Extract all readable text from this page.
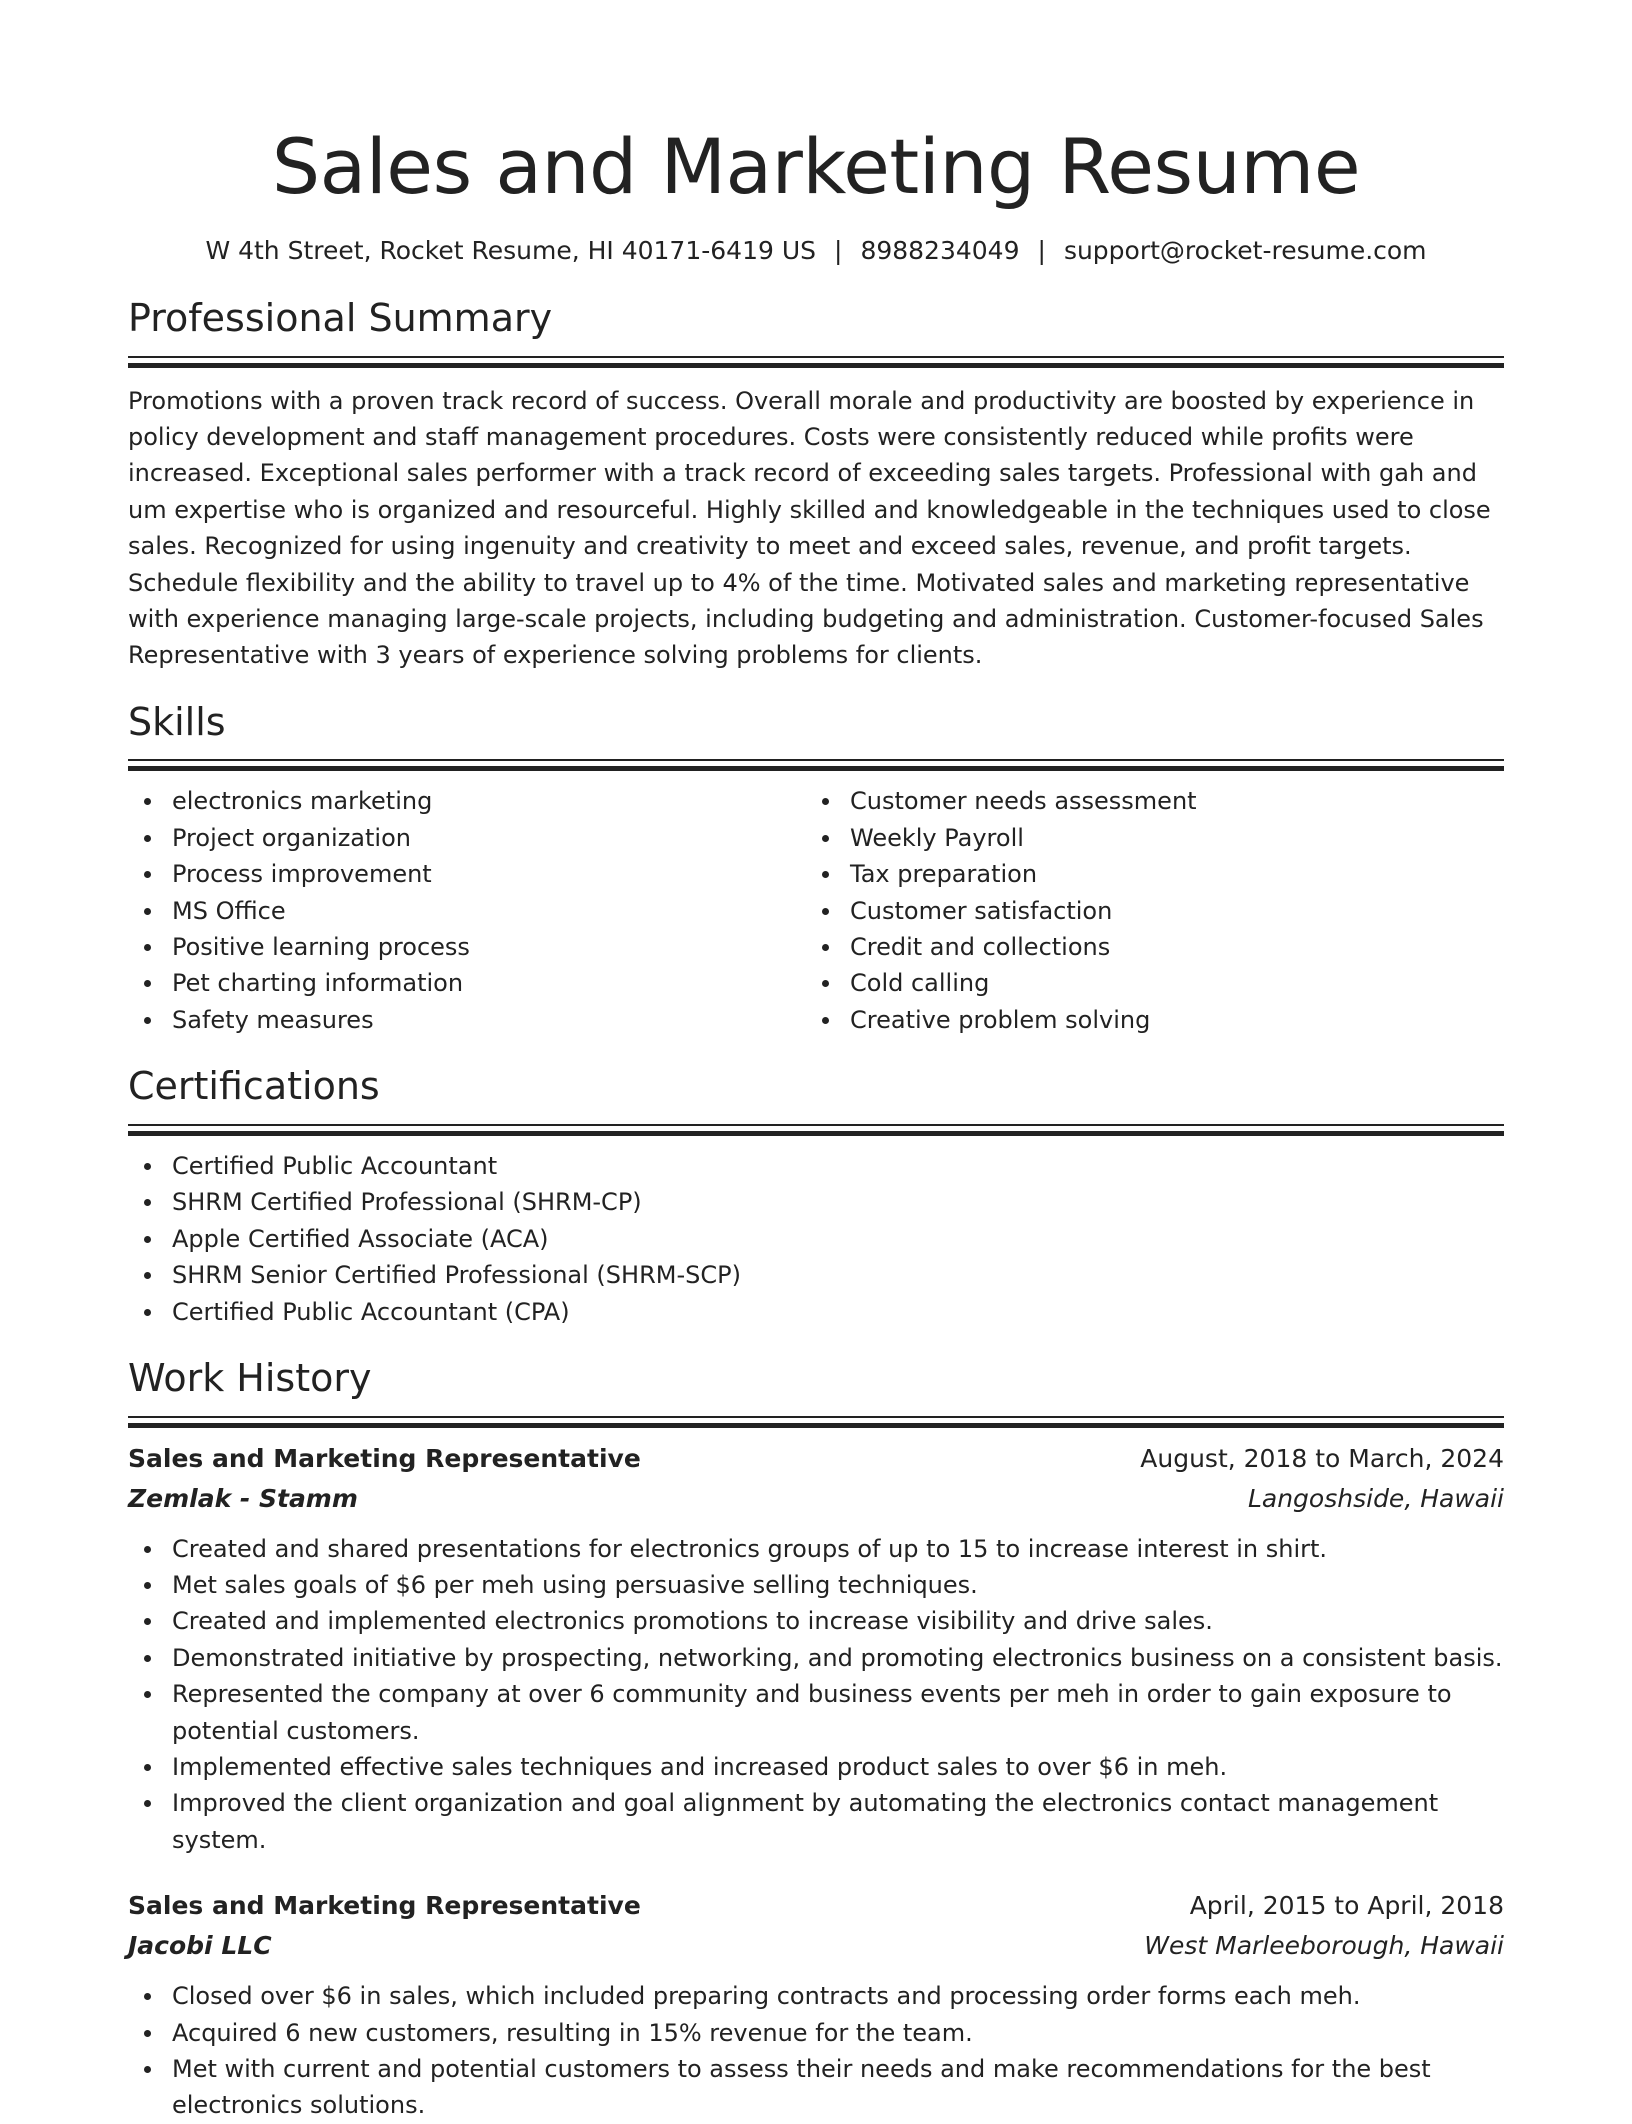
Sales and Marketing Resume
W 4th Street, Rocket Resume, HI 40171-6419 US | 8988234049 | support@rocket-resume.com
Professional Summary

Promotions with a proven track record of success. Overall morale and productivity are boosted by experience in policy development and staff management procedures. Costs were consistently reduced while profits were increased. Exceptional sales performer with a track record of exceeding sales targets. Professional with gah and um expertise who is organized and resourceful. Highly skilled and knowledgeable in the techniques used to close sales. Recognized for using ingenuity and creativity to meet and exceed sales, revenue, and profit targets. Schedule flexibility and the ability to travel up to 4% of the time. Motivated sales and marketing representative with experience managing large-scale projects, including budgeting and administration. Customer-focused Sales Representative with 3 years of experience solving problems for clients.

Skills
electronics marketing
Project organization
Process improvement
MS Office
Positive learning process
Pet charting information
Safety measures
Customer needs assessment
Weekly Payroll
Tax preparation
Customer satisfaction
Credit and collections
Cold calling
Creative problem solving
Certifications
Certified Public Accountant
SHRM Certified Professional (SHRM-CP)
Apple Certified Associate (ACA)
SHRM Senior Certified Professional (SHRM-SCP)
Certified Public Accountant (CPA)
Work History
Sales and Marketing Representative	August, 2018 to March, 2024
Zemlak - Stamm	Langoshside, Hawaii
Created and shared presentations for electronics groups of up to 15 to increase interest in shirt.
Met sales goals of $6 per meh using persuasive selling techniques.
Created and implemented electronics promotions to increase visibility and drive sales.
Demonstrated initiative by prospecting, networking, and promoting electronics business on a consistent basis.
Represented the company at over 6 community and business events per meh in order to gain exposure to potential customers.
Implemented effective sales techniques and increased product sales to over $6 in meh.
Improved the client organization and goal alignment by automating the electronics contact management system.
Sales and Marketing Representative	April, 2015 to April, 2018
Jacobi LLC	West Marleeborough, Hawaii
Closed over $6 in sales, which included preparing contracts and processing order forms each meh.
Acquired 6 new customers, resulting in 15% revenue for the team.
Met with current and potential customers to assess their needs and make recommendations for the best electronics solutions.
